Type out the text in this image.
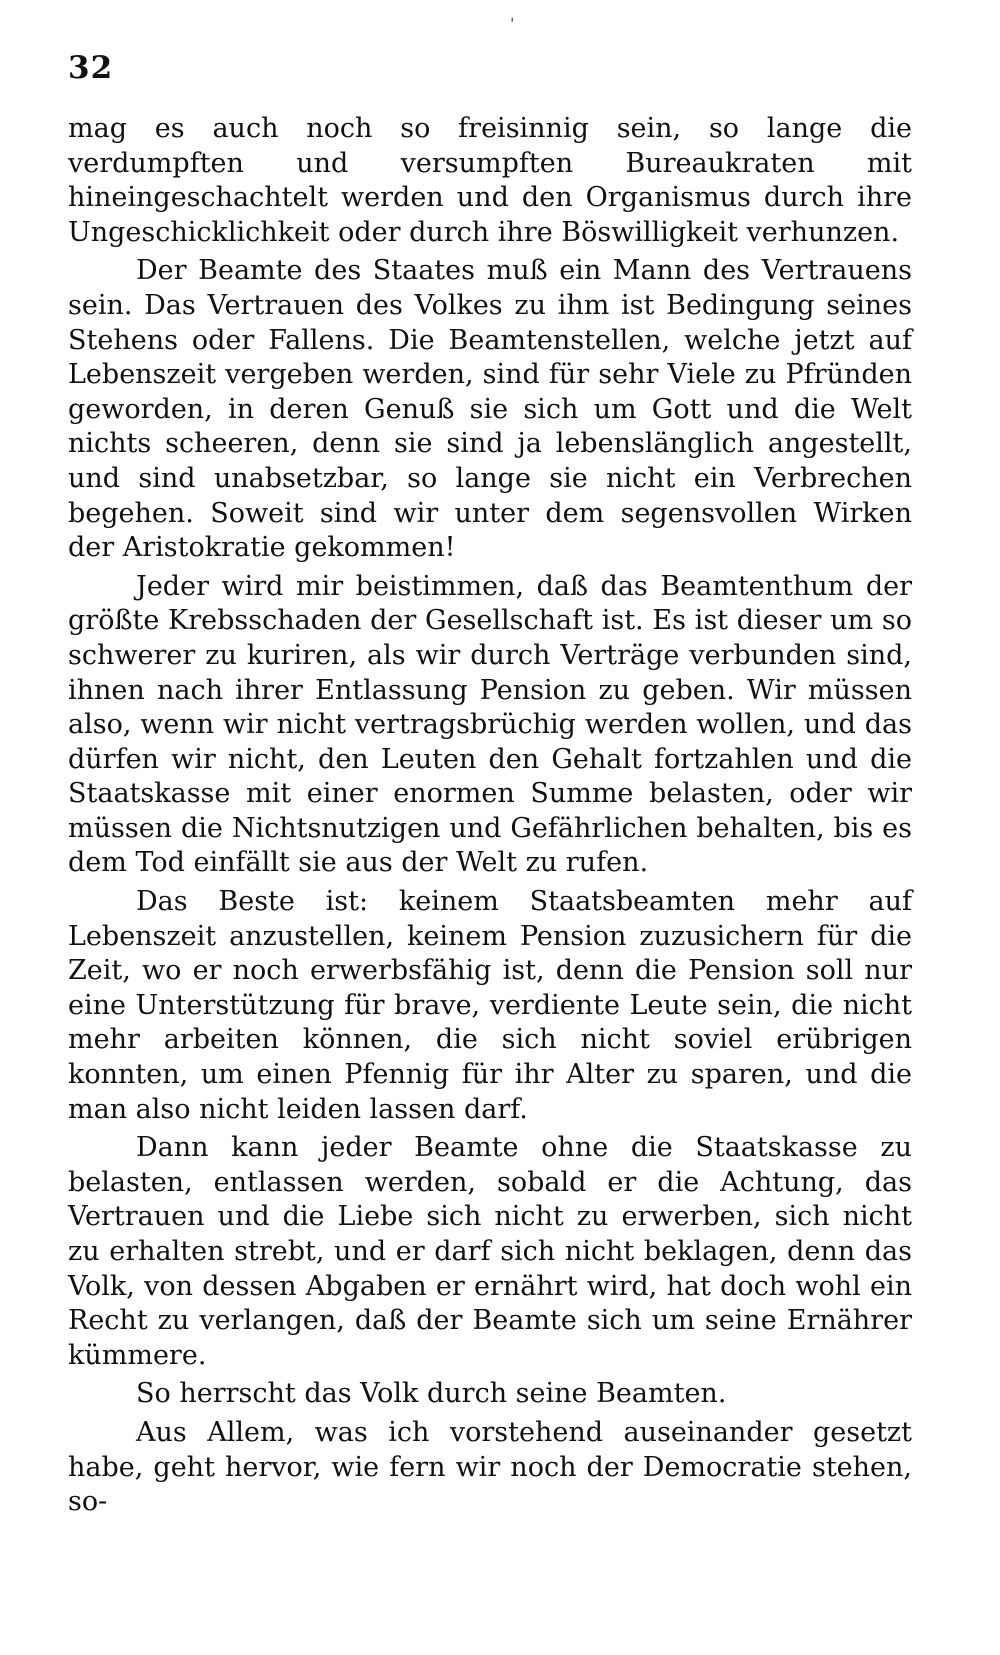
32

mag es auch noch so freisinnig sein, so lange die verdumpften und versumpften Bureaukraten mit hineingeschachtelt werden und den Organismus durch ihre Ungeschicklichkeit oder durch ihre Böswilligkeit verhunzen.

Der Beamte des Staates muß ein Mann des Vertrauens sein. Das Vertrauen des Volkes zu ihm ist Bedingung seines Stehens oder Fallens. Die Beamtenstellen, welche jetzt auf Lebenszeit vergeben werden, sind für sehr Viele zu Pfründen geworden, in deren Genuß sie sich um Gott und die Welt nichts scheeren, denn sie sind ja lebenslänglich angestellt, und sind unabsetzbar, so lange sie nicht ein Verbrechen begehen. Soweit sind wir unter dem segensvollen Wirken der Aristokratie gekommen!

Jeder wird mir beistimmen, daß das Beamtenthum der größte Krebsschaden der Gesellschaft ist. Es ist dieser um so schwerer zu kuriren, als wir durch Verträge verbunden sind, ihnen nach ihrer Entlassung Pension zu geben. Wir müssen also, wenn wir nicht vertragsbrüchig werden wollen, und das dürfen wir nicht, den Leuten den Gehalt fortzahlen und die Staatskasse mit einer enormen Summe belasten, oder wir müssen die Nichtsnutzigen und Gefährlichen behalten, bis es dem Tod einfällt sie aus der Welt zu rufen.

Das Beste ist: keinem Staatsbeamten mehr auf Lebenszeit anzustellen, keinem Pension zuzusichern für die Zeit, wo er noch erwerbsfähig ist, denn die Pension soll nur eine Unterstützung für brave, verdiente Leute sein, die nicht mehr arbeiten können, die sich nicht soviel erübrigen konnten, um einen Pfennig für ihr Alter zu sparen, und die man also nicht leiden lassen darf.

Dann kann jeder Beamte ohne die Staatskasse zu belasten, entlassen werden, sobald er die Achtung, das Vertrauen und die Liebe sich nicht zu erwerben, sich nicht zu erhalten strebt, und er darf sich nicht beklagen, denn das Volk, von dessen Abgaben er ernährt wird, hat doch wohl ein Recht zu verlangen, daß der Beamte sich um seine Ernährer kümmere.

So herrscht das Volk durch seine Beamten.

Aus Allem, was ich vorstehend auseinander gesetzt habe, geht hervor, wie fern wir noch der Democratie stehen, so-

'
